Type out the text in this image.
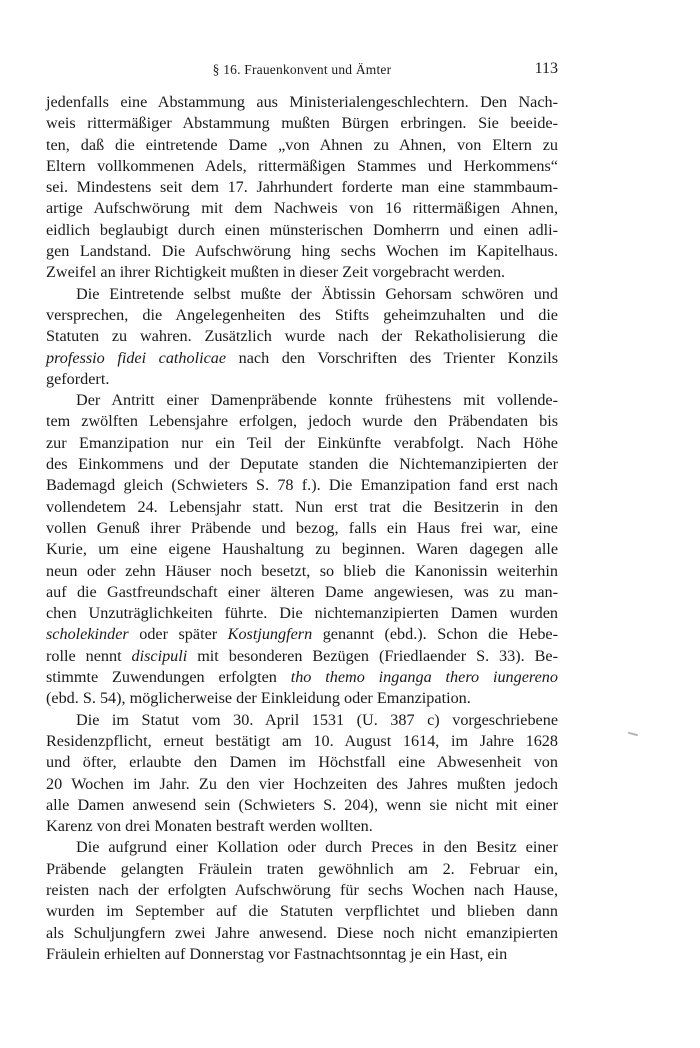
§ 16. Frauenkonvent und Ämter	113

jedenfalls eine Abstammung aus Ministerialengeschlechtern. Den Nach-
weis rittermäßiger Abstammung mußten Bürgen erbringen. Sie beeide-
ten, daß die eintretende Dame „von Ahnen zu Ahnen, von Eltern zu
Eltern vollkommenen Adels, rittermäßigen Stammes und Herkommens“
sei. Mindestens seit dem 17. Jahrhundert forderte man eine stammbaum-
artige Aufschwörung mit dem Nachweis von 16 rittermäßigen Ahnen,
eidlich beglaubigt durch einen münsterischen Domherrn und einen adli-
gen Landstand. Die Aufschwörung hing sechs Wochen im Kapitelhaus.
Zweifel an ihrer Richtigkeit mußten in dieser Zeit vorgebracht werden.

Die Eintretende selbst mußte der Äbtissin Gehorsam schwören und
versprechen, die Angelegenheiten des Stifts geheimzuhalten und die
Statuten zu wahren. Zusätzlich wurde nach der Rekatholisierung die
professio fidei catholicae nach den Vorschriften des Trienter Konzils
gefordert.

Der Antritt einer Damenpräbende konnte frühestens mit vollende-
tem zwölften Lebensjahre erfolgen, jedoch wurde den Präbendaten bis
zur Emanzipation nur ein Teil der Einkünfte verabfolgt. Nach Höhe
des Einkommens und der Deputate standen die Nichtemanzipierten der
Bademagd gleich (Schwieters S. 78 f.). Die Emanzipation fand erst nach
vollendetem 24. Lebensjahr statt. Nun erst trat die Besitzerin in den
vollen Genuß ihrer Präbende und bezog, falls ein Haus frei war, eine
Kurie, um eine eigene Haushaltung zu beginnen. Waren dagegen alle
neun oder zehn Häuser noch besetzt, so blieb die Kanonissin weiterhin
auf die Gastfreundschaft einer älteren Dame angewiesen, was zu man-
chen Unzuträglichkeiten führte. Die nichtemanzipierten Damen wurden
scholekinder oder später Kostjungfern genannt (ebd.). Schon die Hebe-
rolle nennt discipuli mit besonderen Bezügen (Friedlaender S. 33). Be-
stimmte Zuwendungen erfolgten tho themo inganga thero iungereno
(ebd. S. 54), möglicherweise der Einkleidung oder Emanzipation.

Die im Statut vom 30. April 1531 (U. 387 c) vorgeschriebene
Residenzpflicht, erneut bestätigt am 10. August 1614, im Jahre 1628
und öfter, erlaubte den Damen im Höchstfall eine Abwesenheit von
20 Wochen im Jahr. Zu den vier Hochzeiten des Jahres mußten jedoch
alle Damen anwesend sein (Schwieters S. 204), wenn sie nicht mit einer
Karenz von drei Monaten bestraft werden wollten.

Die aufgrund einer Kollation oder durch Preces in den Besitz einer
Präbende gelangten Fräulein traten gewöhnlich am 2. Februar ein,
reisten nach der erfolgten Aufschwörung für sechs Wochen nach Hause,
wurden im September auf die Statuten verpflichtet und blieben dann
als Schuljungfern zwei Jahre anwesend. Diese noch nicht emanzipierten
Fräulein erhielten auf Donnerstag vor Fastnachtsonntag je ein Hast, ein
